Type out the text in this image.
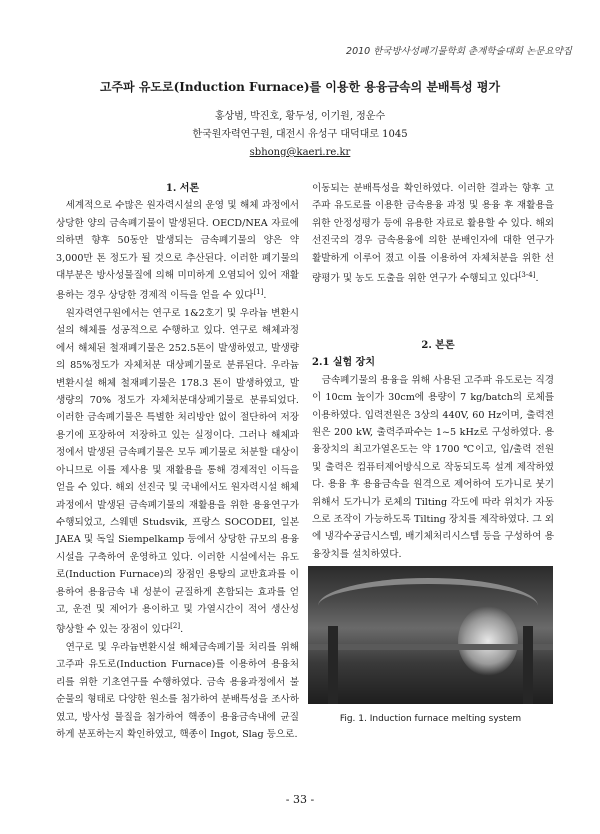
2010 한국방사성폐기물학회 춘계학술대회 논문요약집
고주파 유도로(Induction Furnace)를 이용한 용융금속의 분배특성 평가
홍상범, 박진호, 황두성, 이기원, 정운수
한국원자력연구원, 대전시 유성구 대덕대로 1045
sbhong@kaeri.re.kr

1. 서론

세계적으로 수많은 원자력시설의 운영 및 해체 과정에서 상당한 양의 금속폐기물이 발생된다. OECD/NEA 자료에 의하면 향후 50동안 발생되는 금속폐기물의 양은 약 3,000만 톤 정도가 될 것으로 추산된다. 이러한 폐기물의 대부분은 방사성물질에 의해 미미하게 오염되어 있어 재활용하는 경우 상당한 경제적 이득을 얻을 수 있다[1].

원자력연구원에서는 연구로 1&2호기 및 우라늄 변환시설의 해체를 성공적으로 수행하고 있다. 연구로 해체과정에서 해체된 철재폐기물은 252.5톤이 발생하였고, 발생량의 85%정도가 자체처분 대상폐기물로 분류된다. 우라늄변환시설 해체 철재폐기물은 178.3 톤이 발생하였고, 발생량의 70% 정도가 자체처분대상폐기물로 분류되었다. 이러한 금속폐기물은 특별한 처리방안 없이 절단하여 저장용기에 포장하여 저장하고 있는 실정이다. 그러나 해체과정에서 발생된 금속폐기물은 모두 폐기물로 처분할 대상이 아니므로 이를 제사용 및 재활용을 통해 경제적인 이득을 얻을 수 있다. 해외 선진국 및 국내에서도 원자력시설 해체과정에서 발생된 금속폐기물의 재활용을 위한 용융연구가 수행되었고, 스웨덴 Studsvik, 프랑스 SOCODEI, 일본 JAEA 및 독일 Siempelkamp 등에서 상당한 규모의 용융시설을 구축하여 운영하고 있다. 이러한 시설에서는 유도로(Induction Furnace)의 장점인 용탕의 교반효과를 이용하여 용융금속 내 성분이 균질하게 혼합되는 효과를 얻고, 운전 및 제어가 용이하고 및 가열시간이 적어 생산성 향상할 수 있는 장점이 있다[2].

연구로 및 우라늄변환시설 해체금속폐기물 처리를 위해 고주파 유도로(Induction Furnace)를 이용하여 용융처리를 위한 기초연구를 수행하였다. 금속 용융과정에서 불순물의 형태로 다양한 원소를 첨가하여 분배특성을 조사하였고, 방사성 물질을 첨가하여 핵종이 용융금속내에 균질하게 분포하는지 확인하였고, 핵종이 Ingot, Slag 등으로.

이동되는 분배특성을 확인하였다. 이러한 결과는 향후 고주파 유도로를 이용한 금속용융 과정 및 용융 후 재활용을 위한 안정성평가 등에 유용한 자료로 활용할 수 있다. 해외 선진국의 경우 금속용융에 의한 분배인자에 대한 연구가 활발하게 이루어 졌고 이를 이용하여 자체처분을 위한 선량평가 및 농도 도출을 위한 연구가 수행되고 있다[3-4].

Fig. 1. Induction furnace melting system

2. 본론

2.1 실험 장치

금속폐기물의 용융을 위해 사용된 고주파 유도로는 직경이 10cm 높이가 30cm에 용량이 7 kg/batch의 로체를 이용하였다. 입력전원은 3상의 440V, 60 Hz이며, 출력전원은 200 kW, 출력주파수는 1~5 kHz로 구성하였다. 용융장치의 최고가열온도는 약 1700 ℃이고, 입/출력 전원 및 출력은 컴퓨터제어방식으로 작동되도록 설계 제작하였다. 용융 후 용융금속을 원격으로 제어하여 도가니로 붓기 위해서 도가니가 로체의 Tilting 각도에 따라 위치가 자동으로 조작이 가능하도록 Tilting 장치를 제작하였다. 그 외에 냉각수공급시스템, 배기체처리시스템 등을 구성하여 용융장치를 설치하였다.

- 33 -
